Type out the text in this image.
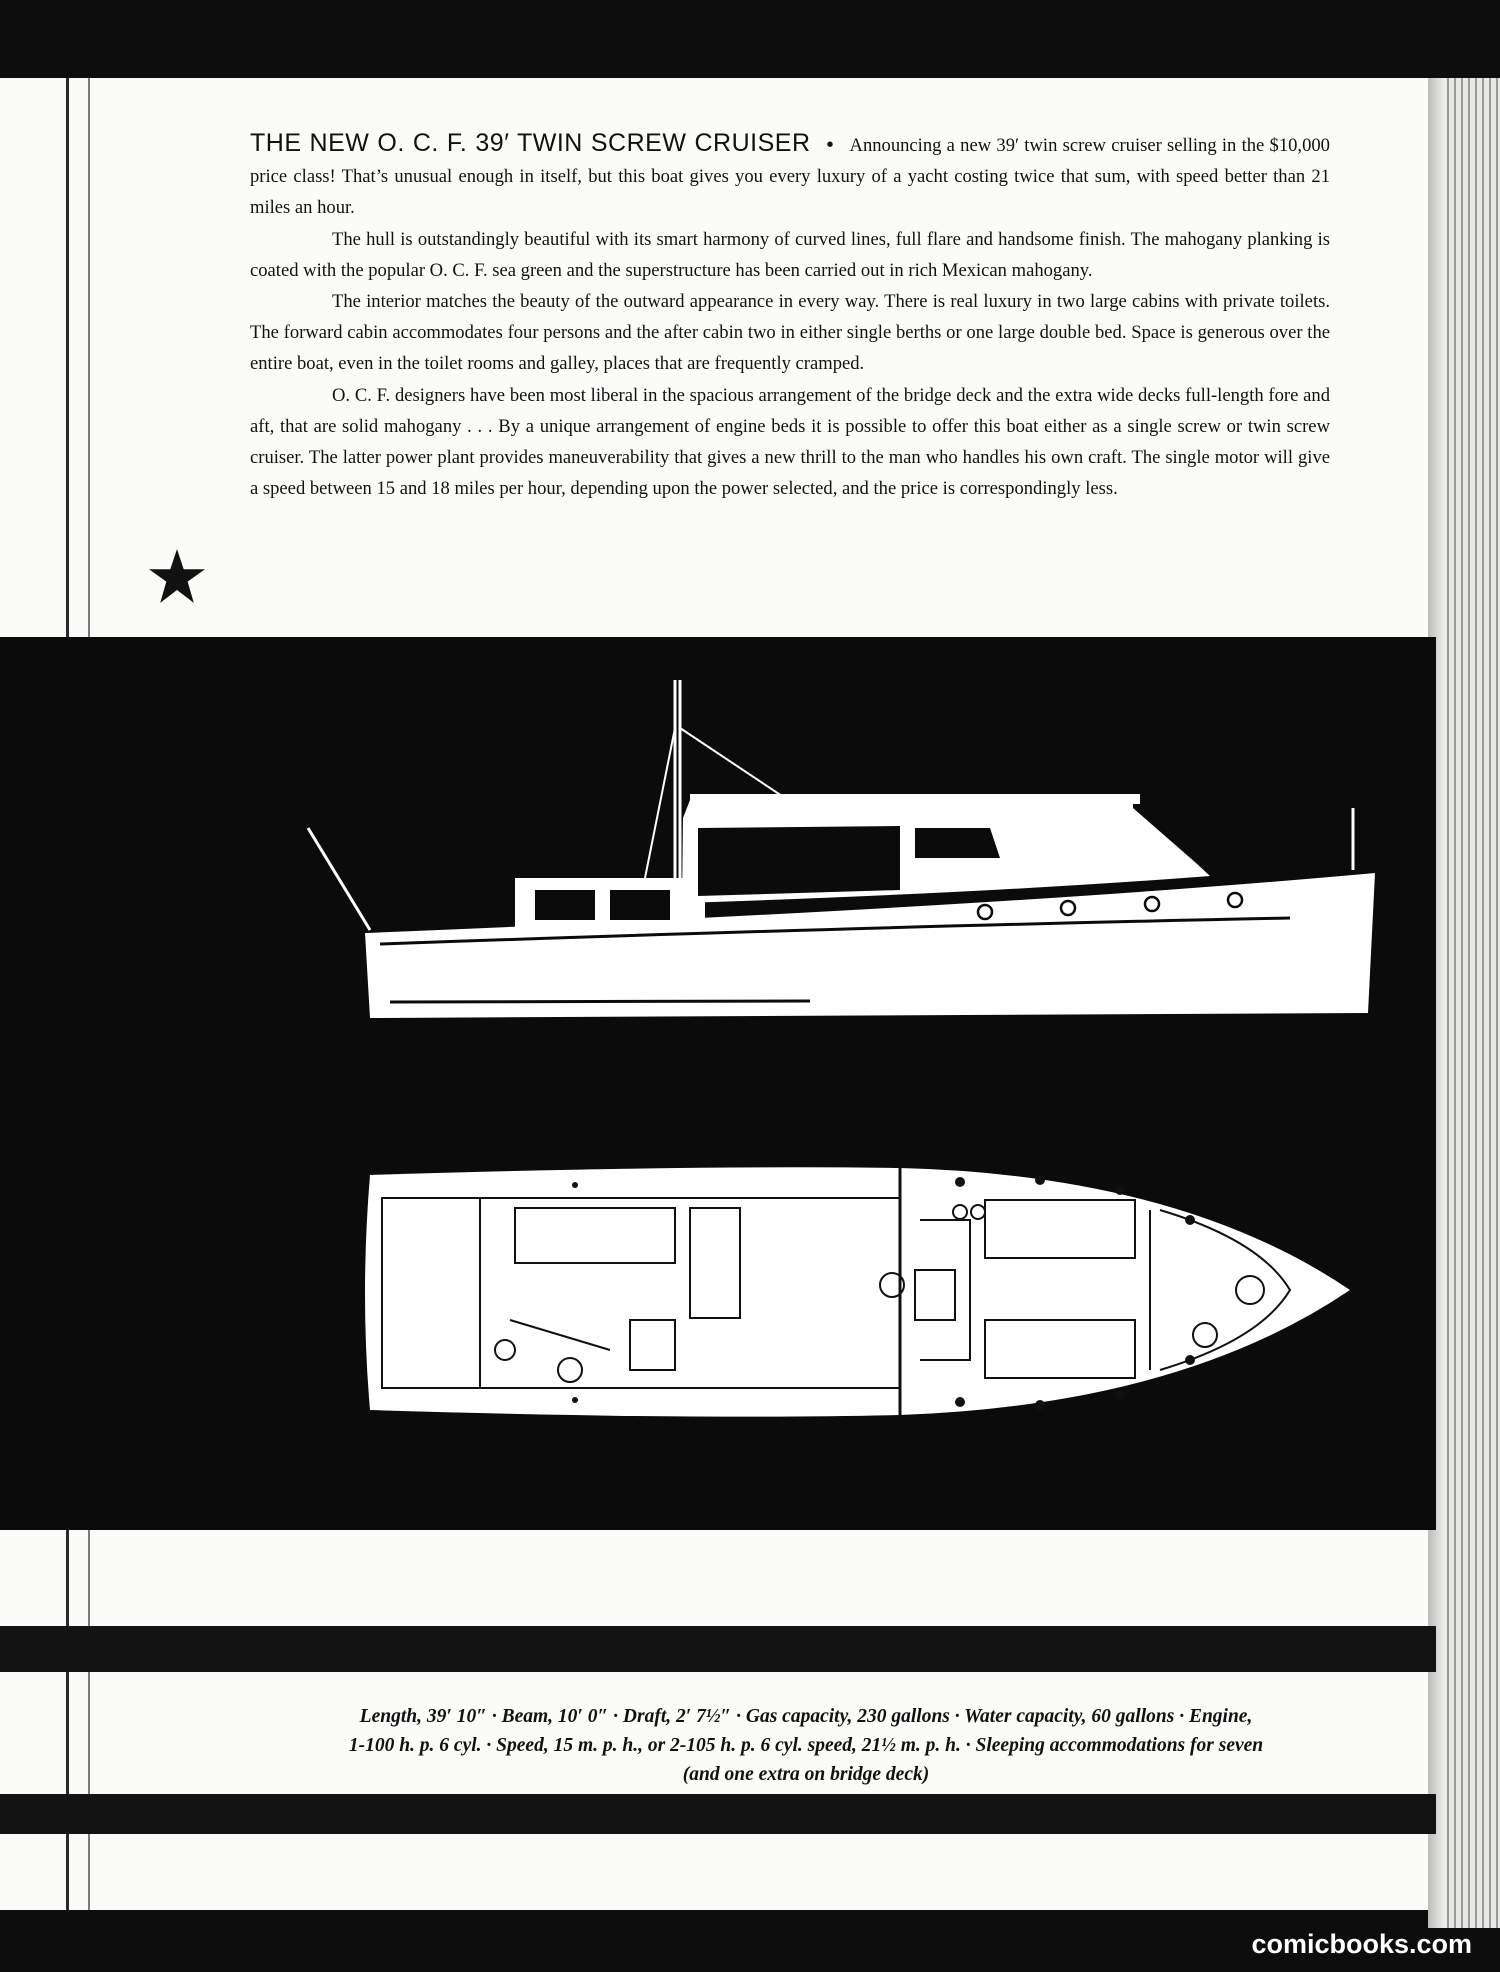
THE NEW O. C. F. 39′ TWIN SCREW CRUISER • Announcing a new 39′ twin screw cruiser selling in the $10,000 price class! That’s unusual enough in itself, but this boat gives you every luxury of a yacht costing twice that sum, with speed better than 21 miles an hour.

The hull is outstandingly beautiful with its smart harmony of curved lines, full flare and handsome finish. The mahogany planking is coated with the popular O. C. F. sea green and the superstructure has been carried out in rich Mexican mahogany.

The interior matches the beauty of the outward appearance in every way. There is real luxury in two large cabins with private toilets. The forward cabin accommodates four persons and the after cabin two in either single berths or one large double bed. Space is generous over the entire boat, even in the toilet rooms and galley, places that are frequently cramped.

O. C. F. designers have been most liberal in the spacious arrangement of the bridge deck and the extra wide decks full-length fore and aft, that are solid mahogany . . . By a unique arrangement of engine beds it is possible to offer this boat either as a single screw or twin screw cruiser. The latter power plant provides maneuverability that gives a new thrill to the man who handles his own craft. The single motor will give a speed between 15 and 18 miles per hour, depending upon the power selected, and the price is correspondingly less.

Length, 39′ 10″ · Beam, 10′ 0″ · Draft, 2′ 7½″ · Gas capacity, 230 gallons · Water capacity, 60 gallons · Engine,

1-100 h. p. 6 cyl. · Speed, 15 m. p. h., or 2-105 h. p. 6 cyl. speed, 21½ m. p. h. · Sleeping accommodations for seven

(and one extra on bridge deck)

comicbooks.com
